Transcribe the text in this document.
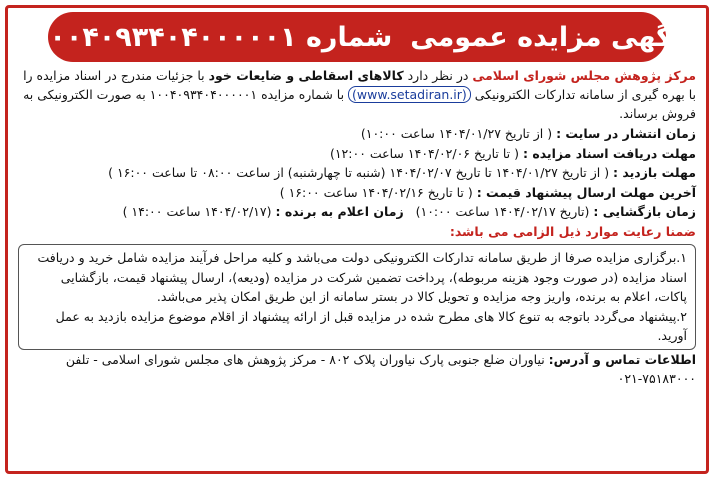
آگهی مزایده عمومی
شماره ۱۰۰۴۰۹۳۴۰۴۰۰۰۰۰۱

مرکز پژوهش مجلس شورای اسلامی در نظر دارد کالاهای اسقاطی و ضایعات خود با جزئیات مندرج در اسناد مزایده را با بهره گیری از سامانه تدارکات الکترونیکی (www.setadiran.ir) با شماره مزایده ۱۰۰۴۰۹۳۴۰۴۰۰۰۰۰۱ به صورت الکترونیکی به فروش برساند.

زمان انتشار در سایت : ( از تاریخ ۱۴۰۴/۰۱/۲۷ ساعت ۱۰:۰۰)

مهلت دریافت اسناد مزایده : ( تا تاریخ ۱۴۰۴/۰۲/۰۶ ساعت ۱۲:۰۰)

مهلت بازدید : ( از تاریخ ۱۴۰۴/۰۱/۲۷ تا تاریخ ۱۴۰۴/۰۲/۰۷ (شنبه تا چهارشنبه) از ساعت ۰۸:۰۰ تا ساعت ۱۶:۰۰ )

آخرین مهلت ارسال پیشنهاد قیمت : ( تا تاریخ ۱۴۰۴/۰۲/۱۶ ساعت ۱۶:۰۰ )

زمان بازگشایی : (تاریخ ۱۴۰۴/۰۲/۱۷ ساعت ۱۰:۰۰)   زمان اعلام به برنده : (۱۴۰۴/۰۲/۱۷ ساعت ۱۴:۰۰ )

ضمنا رعایت موارد ذیل الزامی می باشد:

۱.برگزاری مزایده صرفا از طریق سامانه تدارکات الکترونیکی دولت می‌باشد و کلیه مراحل فرآیند مزایده شامل خرید و دریافت اسناد مزایده (در صورت وجود هزینه مربوطه)، پرداخت تضمین شرکت در مزایده (ودیعه)، ارسال پیشنهاد قیمت، بازگشایی پاکات، اعلام به برنده، واریز وجه مزایده و تحویل کالا در بستر سامانه از این طریق امکان پذیر می‌باشد.

۲.پیشنهاد می‌گردد باتوجه به تنوع کالا های مطرح شده در مزایده قبل از ارائه پیشنهاد از اقلام موضوع مزایده بازدید به عمل آورید.

اطلاعات تماس و آدرس: نیاوران ضلع جنوبی پارک نیاوران پلاک ۸۰۲ - مرکز پژوهش های مجلس شورای اسلامی - تلفن ۷۵۱۸۳۰۰۰-۰۲۱
